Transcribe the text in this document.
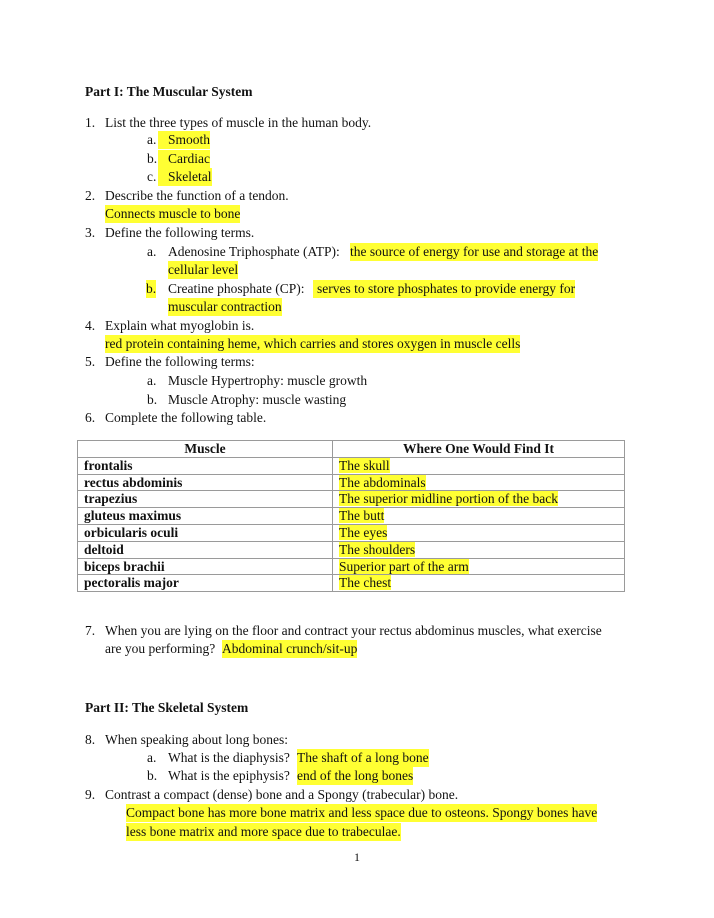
Part I: The Muscular System
1. List the three types of muscle in the human body.
a. Smooth
b. Cardiac
c. Skeletal
2. Describe the function of a tendon.
Connects muscle to bone
3. Define the following terms.
a. Adenosine Triphosphate (ATP): the source of energy for use and storage at the
cellular level
b. Creatine phosphate (CP): serves to store phosphates to provide energy for
muscular contraction
4. Explain what myoglobin is.
red protein containing heme, which carries and stores oxygen in muscle cells
5. Define the following terms:
a. Muscle Hypertrophy: muscle growth
b. Muscle Atrophy: muscle wasting
6. Complete the following table.
Muscle	Where One Would Find It
frontalis	The skull
rectus abdominis	The abdominals
trapezius	The superior midline portion of the back
gluteus maximus	The butt
orbicularis oculi	The eyes
deltoid	The shoulders
biceps brachii	Superior part of the arm
pectoralis major	The chest
7. When you are lying on the floor and contract your rectus abdominus muscles, what exercise
are you performing? Abdominal crunch/sit-up
Part II: The Skeletal System
8. When speaking about long bones:
a. What is the diaphysis? The shaft of a long bone
b. What is the epiphysis? end of the long bones
9. Contrast a compact (dense) bone and a Spongy (trabecular) bone.
Compact bone has more bone matrix and less space due to osteons. Spongy bones have
less bone matrix and more space due to trabeculae.
1
